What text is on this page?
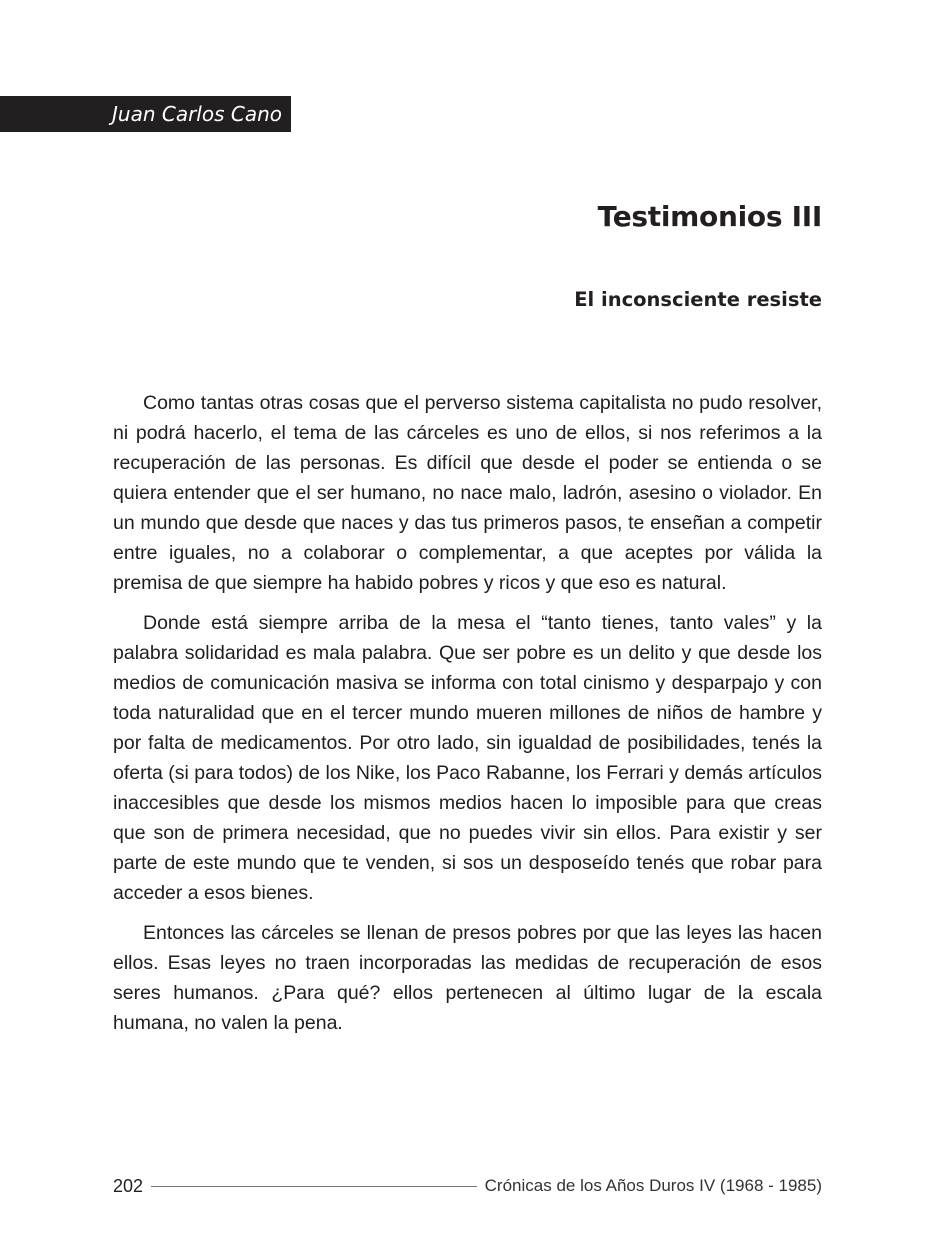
Juan Carlos Cano
Testimonios III
El inconsciente resiste

Como tantas otras cosas que el perverso sistema capitalista no pudo resolver, ni podrá hacerlo, el tema de las cárceles es uno de ellos, si nos referimos a la recuperación de las personas. Es difícil que desde el poder se entienda o se quiera entender que el ser humano, no nace malo, ladrón, asesino o violador. En un mundo que desde que naces y das tus primeros pasos, te enseñan a competir entre iguales, no a colaborar o complementar, a que aceptes por válida la premisa de que siempre ha habido pobres y ricos y que eso es natural.

Donde está siempre arriba de la mesa el “tanto tienes, tanto vales” y la palabra solidaridad es mala palabra. Que ser pobre es un delito y que desde los medios de comunicación masiva se informa con total cinismo y desparpajo y con toda naturalidad que en el tercer mundo mueren millones de niños de hambre y por falta de medicamentos. Por otro lado, sin igualdad de posibilidades, tenés la oferta (si para todos) de los Nike, los Paco Rabanne, los Ferrari y demás artículos inaccesibles que desde los mismos medios hacen lo imposible para que creas que son de primera necesidad, que no puedes vivir sin ellos. Para existir y ser parte de este mundo que te venden, si sos un desposeído tenés que robar para acceder a esos bienes.

Entonces las cárceles se llenan de presos pobres por que las leyes las hacen ellos. Esas leyes no traen incorporadas las medidas de recuperación de esos seres humanos. ¿Para qué? ellos pertenecen al último lugar de la escala humana, no valen la pena.

202	Crónicas de los Años Duros IV (1968 - 1985)
